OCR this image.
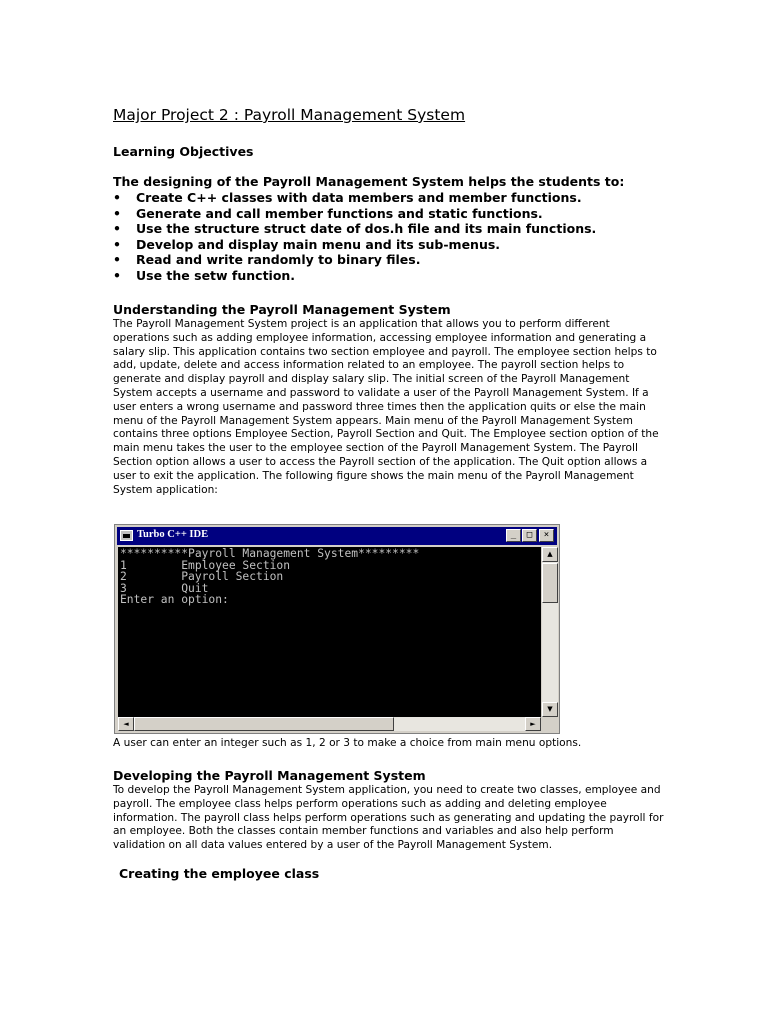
Major Project 2 : Payroll Management System
Learning Objectives
The designing of the Payroll Management System helps the students to:
• Create C++ classes with data members and member functions.
• Generate and call member functions and static functions.
• Use the structure struct date of dos.h file and its main functions.
• Develop and display main menu and its sub-menus.
• Read and write randomly to binary files.
• Use the setw function.
Understanding the Payroll Management System

The Payroll Management System project is an application that allows you to perform different operations such as adding employee information, accessing employee information and generating a salary slip. This application contains two section employee and payroll. The employee section helps to add, update, delete and access information related to an employee. The payroll section helps to generate and display payroll and display salary slip. The initial screen of the Payroll Management System accepts a username and password to validate a user of the Payroll Management System. If a user enters a wrong username and password three times then the application quits or else the main menu of the Payroll Management System appears. Main menu of the Payroll Management System contains three options Employee Section, Payroll Section and Quit. The Employee section option of the main menu takes the user to the employee section of the Payroll Management System. The Payroll Section option allows a user to access the Payroll section of the application. The Quit option allows a user to exit the application. The following figure shows the main menu of the Payroll Management System application:

Turbo C++ IDE	_	□	×
**********Payroll Management System*********
1        Employee Section
2        Payroll Section
3        Quit
Enter an option:
▲
▼
◄	►
A user can enter an integer such as 1, 2 or 3 to make a choice from main menu options.
Developing the Payroll Management System

To develop the Payroll Management System application, you need to create two classes, employee and payroll. The employee class helps perform operations such as adding and deleting employee information. The payroll class helps perform operations such as generating and updating the payroll for an employee. Both the classes contain member functions and variables and also help perform validation on all data values entered by a user of the Payroll Management System.

Creating the employee class
